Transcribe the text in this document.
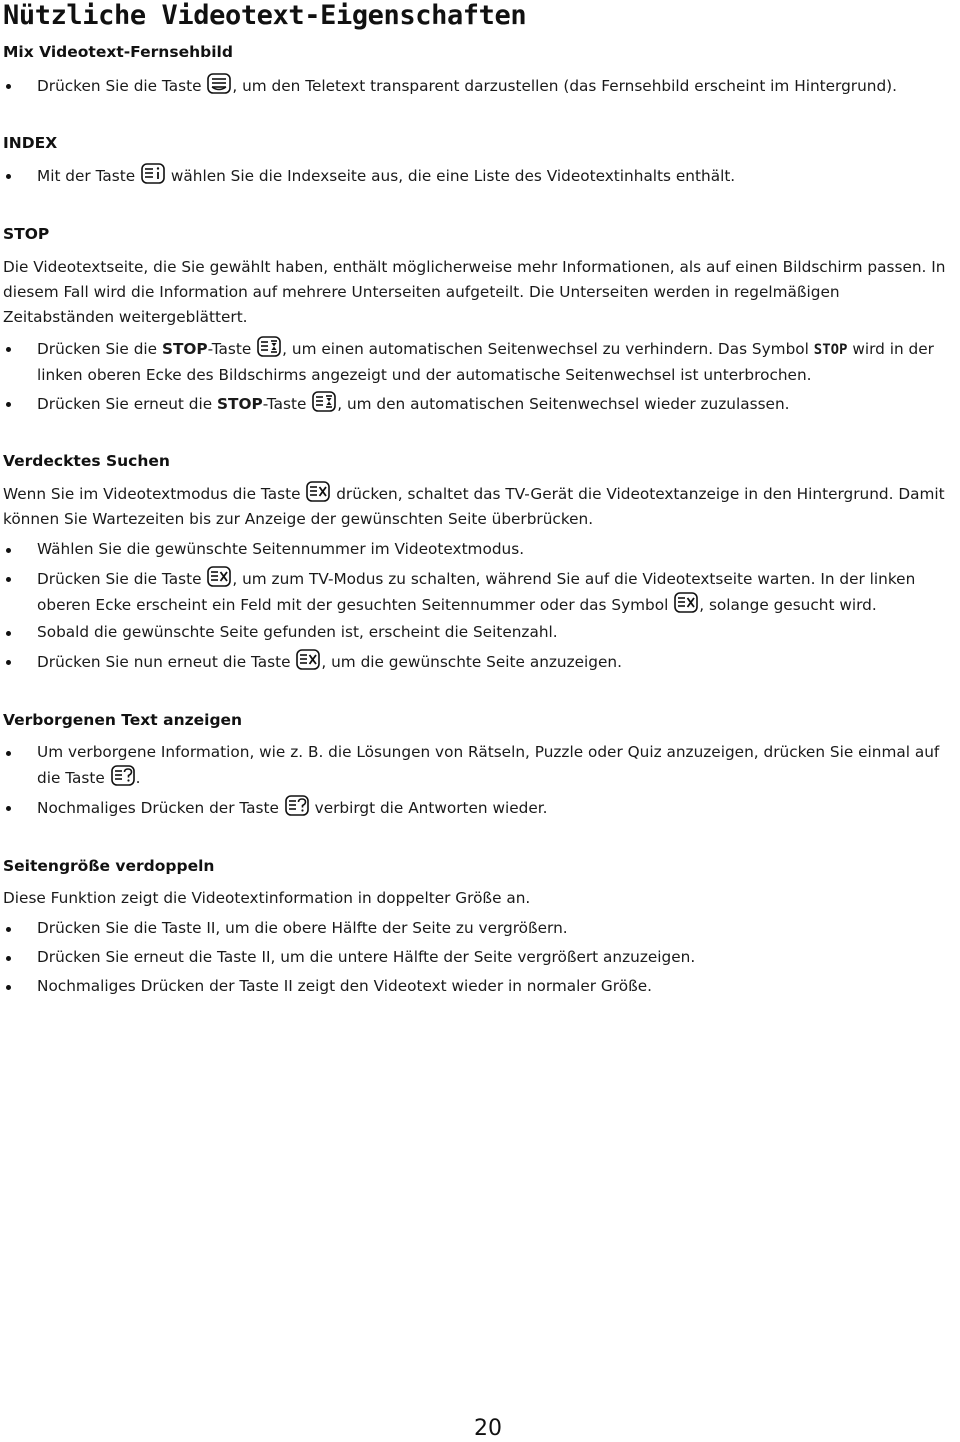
Nützliche Videotext-Eigenschaften
Mix Videotext-Fernsehbild

Drücken Sie die Taste
, um den Teletext transparent darzustellen (das Fernsehbild erscheint im Hintergrund).

INDEX

Mit der Taste
wählen Sie die Indexseite aus, die eine Liste des Videotextinhalts enthält.

STOP

Die Videotextseite, die Sie gewählt haben, enthält möglicherweise mehr Informationen, als auf einen Bildschirm passen. In diesem Fall wird die Information auf mehrere Unterseiten aufgeteilt. Die Unterseiten werden in regelmäßigen Zeitabständen weitergeblättert.

Drücken Sie die STOP-Taste
, um einen automatischen Seitenwechsel zu verhindern. Das Symbol STOP wird in der linken oberen Ecke des Bildschirms angezeigt und der automatische Seitenwechsel ist unterbrochen.

Drücken Sie erneut die STOP-Taste
, um den automatischen Seitenwechsel wieder zuzulassen.

Verdecktes Suchen

Wenn Sie im Videotextmodus die Taste
drücken, schaltet das TV-Gerät die Videotextanzeige in den Hintergrund. Damit können Sie Wartezeiten bis zur Anzeige der gewünschten Seite überbrücken.

Wählen Sie die gewünschte Seitennummer im Videotextmodus.

Drücken Sie die Taste
, um zum TV-Modus zu schalten, während Sie auf die Videotextseite warten. In der linken oberen Ecke erscheint ein Feld mit der gesuchten Seitennummer oder das Symbol
, solange gesucht wird.

Sobald die gewünschte Seite gefunden ist, erscheint die Seitenzahl.

Drücken Sie nun erneut die Taste
, um die gewünschte Seite anzuzeigen.

Verborgenen Text anzeigen

Um verborgene Information, wie z. B. die Lösungen von Rätseln, Puzzle oder Quiz anzuzeigen, drücken Sie einmal auf die Taste
.

Nochmaliges Drücken der Taste
verbirgt die Antworten wieder.

Seitengröße verdoppeln

Diese Funktion zeigt die Videotextinformation in doppelter Größe an.

Drücken Sie die Taste II, um die obere Hälfte der Seite zu vergrößern.

Drücken Sie erneut die Taste II, um die untere Hälfte der Seite vergrößert anzuzeigen.

Nochmaliges Drücken der Taste II zeigt den Videotext wieder in normaler Größe.

20
